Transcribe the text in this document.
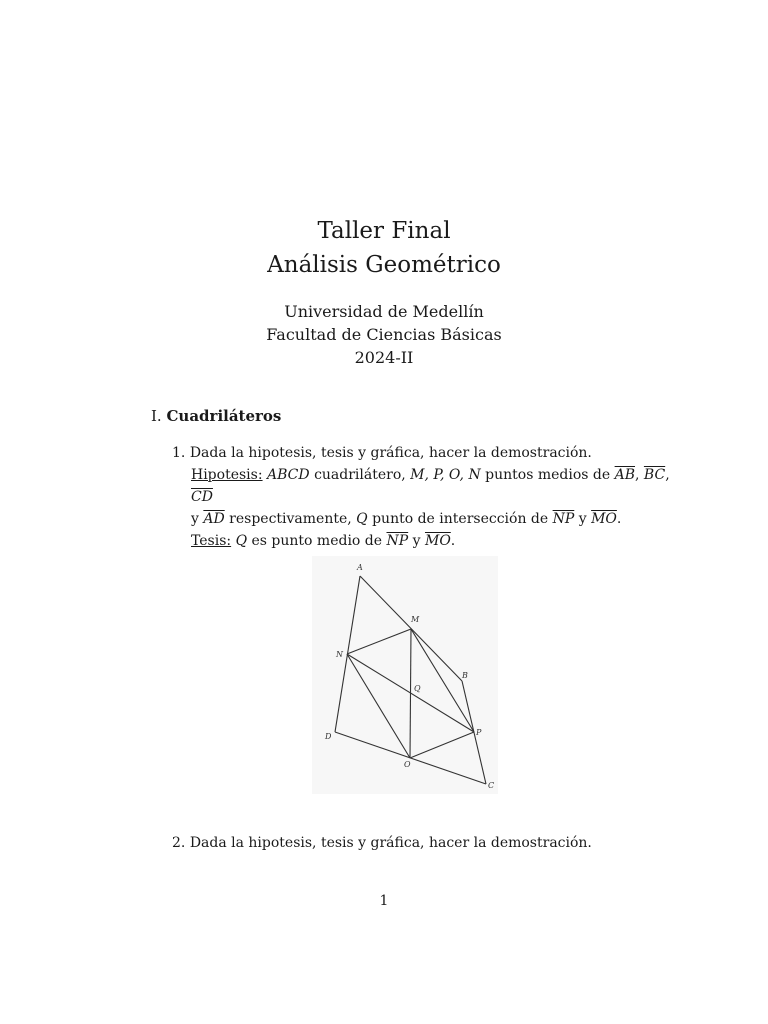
Taller Final
Análisis Geométrico
Universidad de Medellín
Facultad de Ciencias Básicas
2024-II
I. Cuadriláteros
1. Dada la hipotesis, tesis y gráfica, hacer la demostración.
Hipotesis: ABCD cuadrilátero, M, P, O, N puntos medios de $\overline{AB}$, $\overline{BC}$, $\overline{CD}$
y $\overline{AD}$ respectivamente, Q punto de intersección de $\overline{NP}$ y $\overline{MO}$.
Tesis: Q es punto medio de $\overline{NP}$ y $\overline{MO}$.
A
M
N
B
Q
P
D
O
C
2. Dada la hipotesis, tesis y gráfica, hacer la demostración.
1
